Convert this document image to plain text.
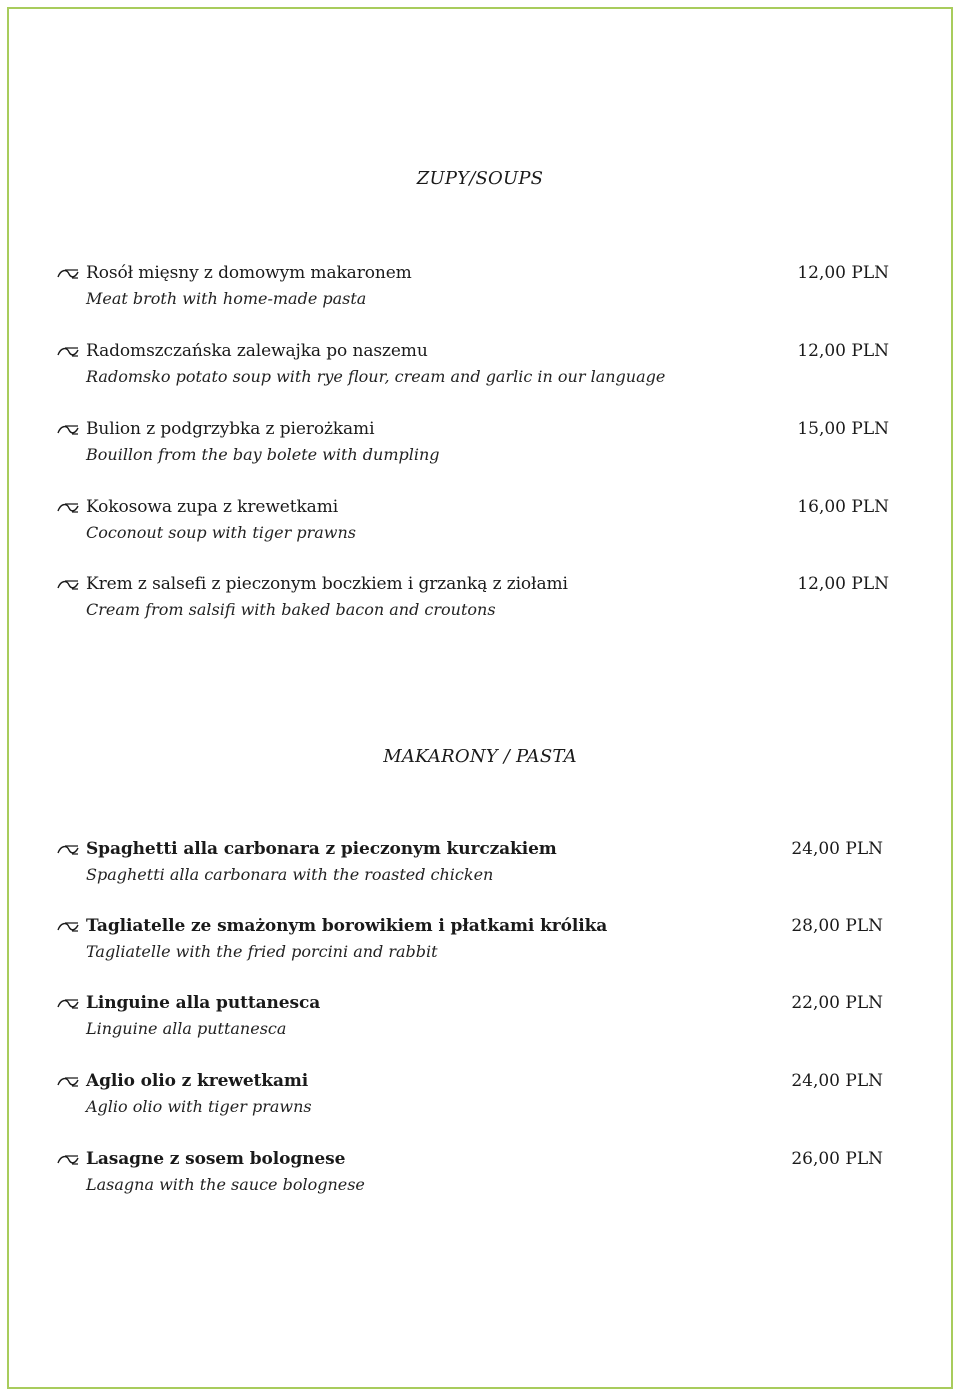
ZUPY/SOUPS
Rosół mięsny z domowym makaronem
Meat broth with home-made pasta
12,00 PLN
Radomszczańska zalewajka po naszemu
Radomsko potato soup with rye flour, cream and garlic in our language
12,00 PLN
Bulion z podgrzybka z pierożkami
Bouillon from the bay bolete with dumpling
15,00 PLN
Kokosowa zupa z krewetkami
Coconout soup with tiger prawns
16,00 PLN
Krem z salsefi z pieczonym boczkiem i grzanką z ziołami
Cream from salsifi with baked bacon and croutons
12,00 PLN
MAKARONY / PASTA
Spaghetti alla carbonara z pieczonym kurczakiem
Spaghetti alla carbonara with the roasted chicken
24,00 PLN
Tagliatelle ze smażonym borowikiem i płatkami królika
Tagliatelle with the fried porcini and rabbit
28,00 PLN
Linguine alla puttanesca
Linguine alla puttanesca
22,00 PLN
Aglio olio z krewetkami
Aglio olio with tiger prawns
24,00 PLN
Lasagne z sosem bolognese
Lasagna with the sauce bolognese
26,00 PLN
